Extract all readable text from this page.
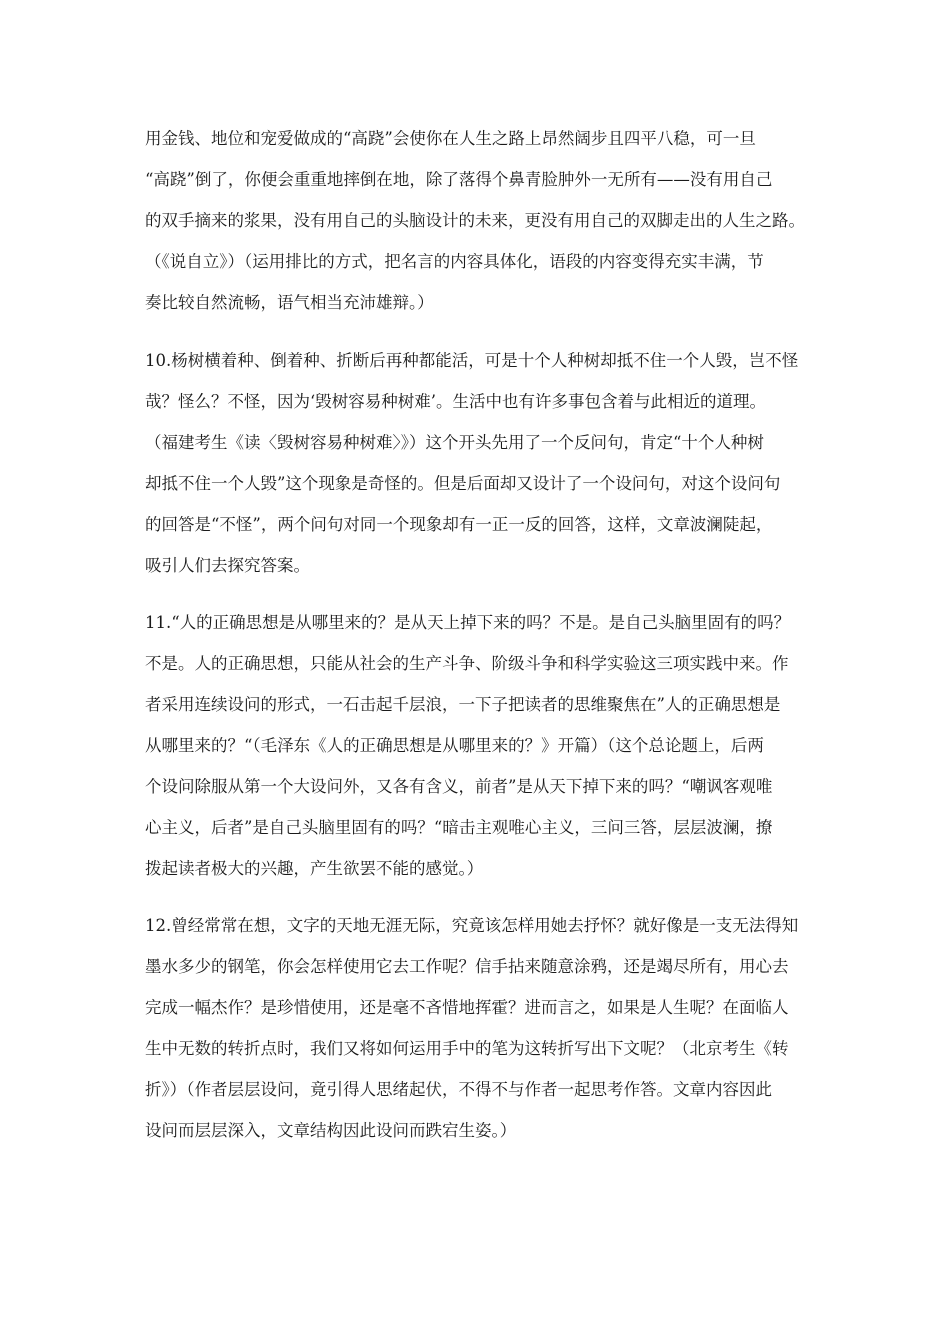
用金钱、地位和宠爱做成的“高跷”会使你在人生之路上昂然阔步且四平八稳，可一旦
“高跷”倒了，你便会重重地摔倒在地，除了落得个鼻青脸肿外一无所有——没有用自己
的双手摘来的浆果，没有用自己的头脑设计的未来，更没有用自己的双脚走出的人生之路。
（《说自立》）（运用排比的方式，把名言的内容具体化，语段的内容变得充实丰满，节
奏比较自然流畅，语气相当充沛雄辩。）
10.杨树横着种、倒着种、折断后再种都能活，可是十个人种树却抵不住一个人毁，岂不怪
哉？怪么？不怪，因为‘毁树容易种树难’。生活中也有许多事包含着与此相近的道理。
（福建考生《读〈毁树容易种树难〉》）这个开头先用了一个反问句，肯定“十个人种树
却抵不住一个人毁”这个现象是奇怪的。但是后面却又设计了一个设问句，对这个设问句
的回答是“不怪”，两个问句对同一个现象却有一正一反的回答，这样，文章波澜陡起，
吸引人们去探究答案。
11.“人的正确思想是从哪里来的？是从天上掉下来的吗？不是。是自己头脑里固有的吗？
不是。人的正确思想，只能从社会的生产斗争、阶级斗争和科学实验这三项实践中来。作
者采用连续设问的形式，一石击起千层浪，一下子把读者的思维聚焦在”人的正确思想是
从哪里来的？“（毛泽东《人的正确思想是从哪里来的？》开篇）（这个总论题上，后两
个设问除服从第一个大设问外，又各有含义，前者”是从天下掉下来的吗？“嘲讽客观唯
心主义，后者”是自己头脑里固有的吗？“暗击主观唯心主义，三问三答，层层波澜，撩
拨起读者极大的兴趣，产生欲罢不能的感觉。）
12.曾经常常在想，文字的天地无涯无际，究竟该怎样用她去抒怀？就好像是一支无法得知
墨水多少的钢笔，你会怎样使用它去工作呢？信手拈来随意涂鸦，还是竭尽所有，用心去
完成一幅杰作？是珍惜使用，还是毫不吝惜地挥霍？进而言之，如果是人生呢？在面临人
生中无数的转折点时，我们又将如何运用手中的笔为这转折写出下文呢？（北京考生《转
折》）（作者层层设问，竟引得人思绪起伏，不得不与作者一起思考作答。文章内容因此
设问而层层深入，文章结构因此设问而跌宕生姿。）
